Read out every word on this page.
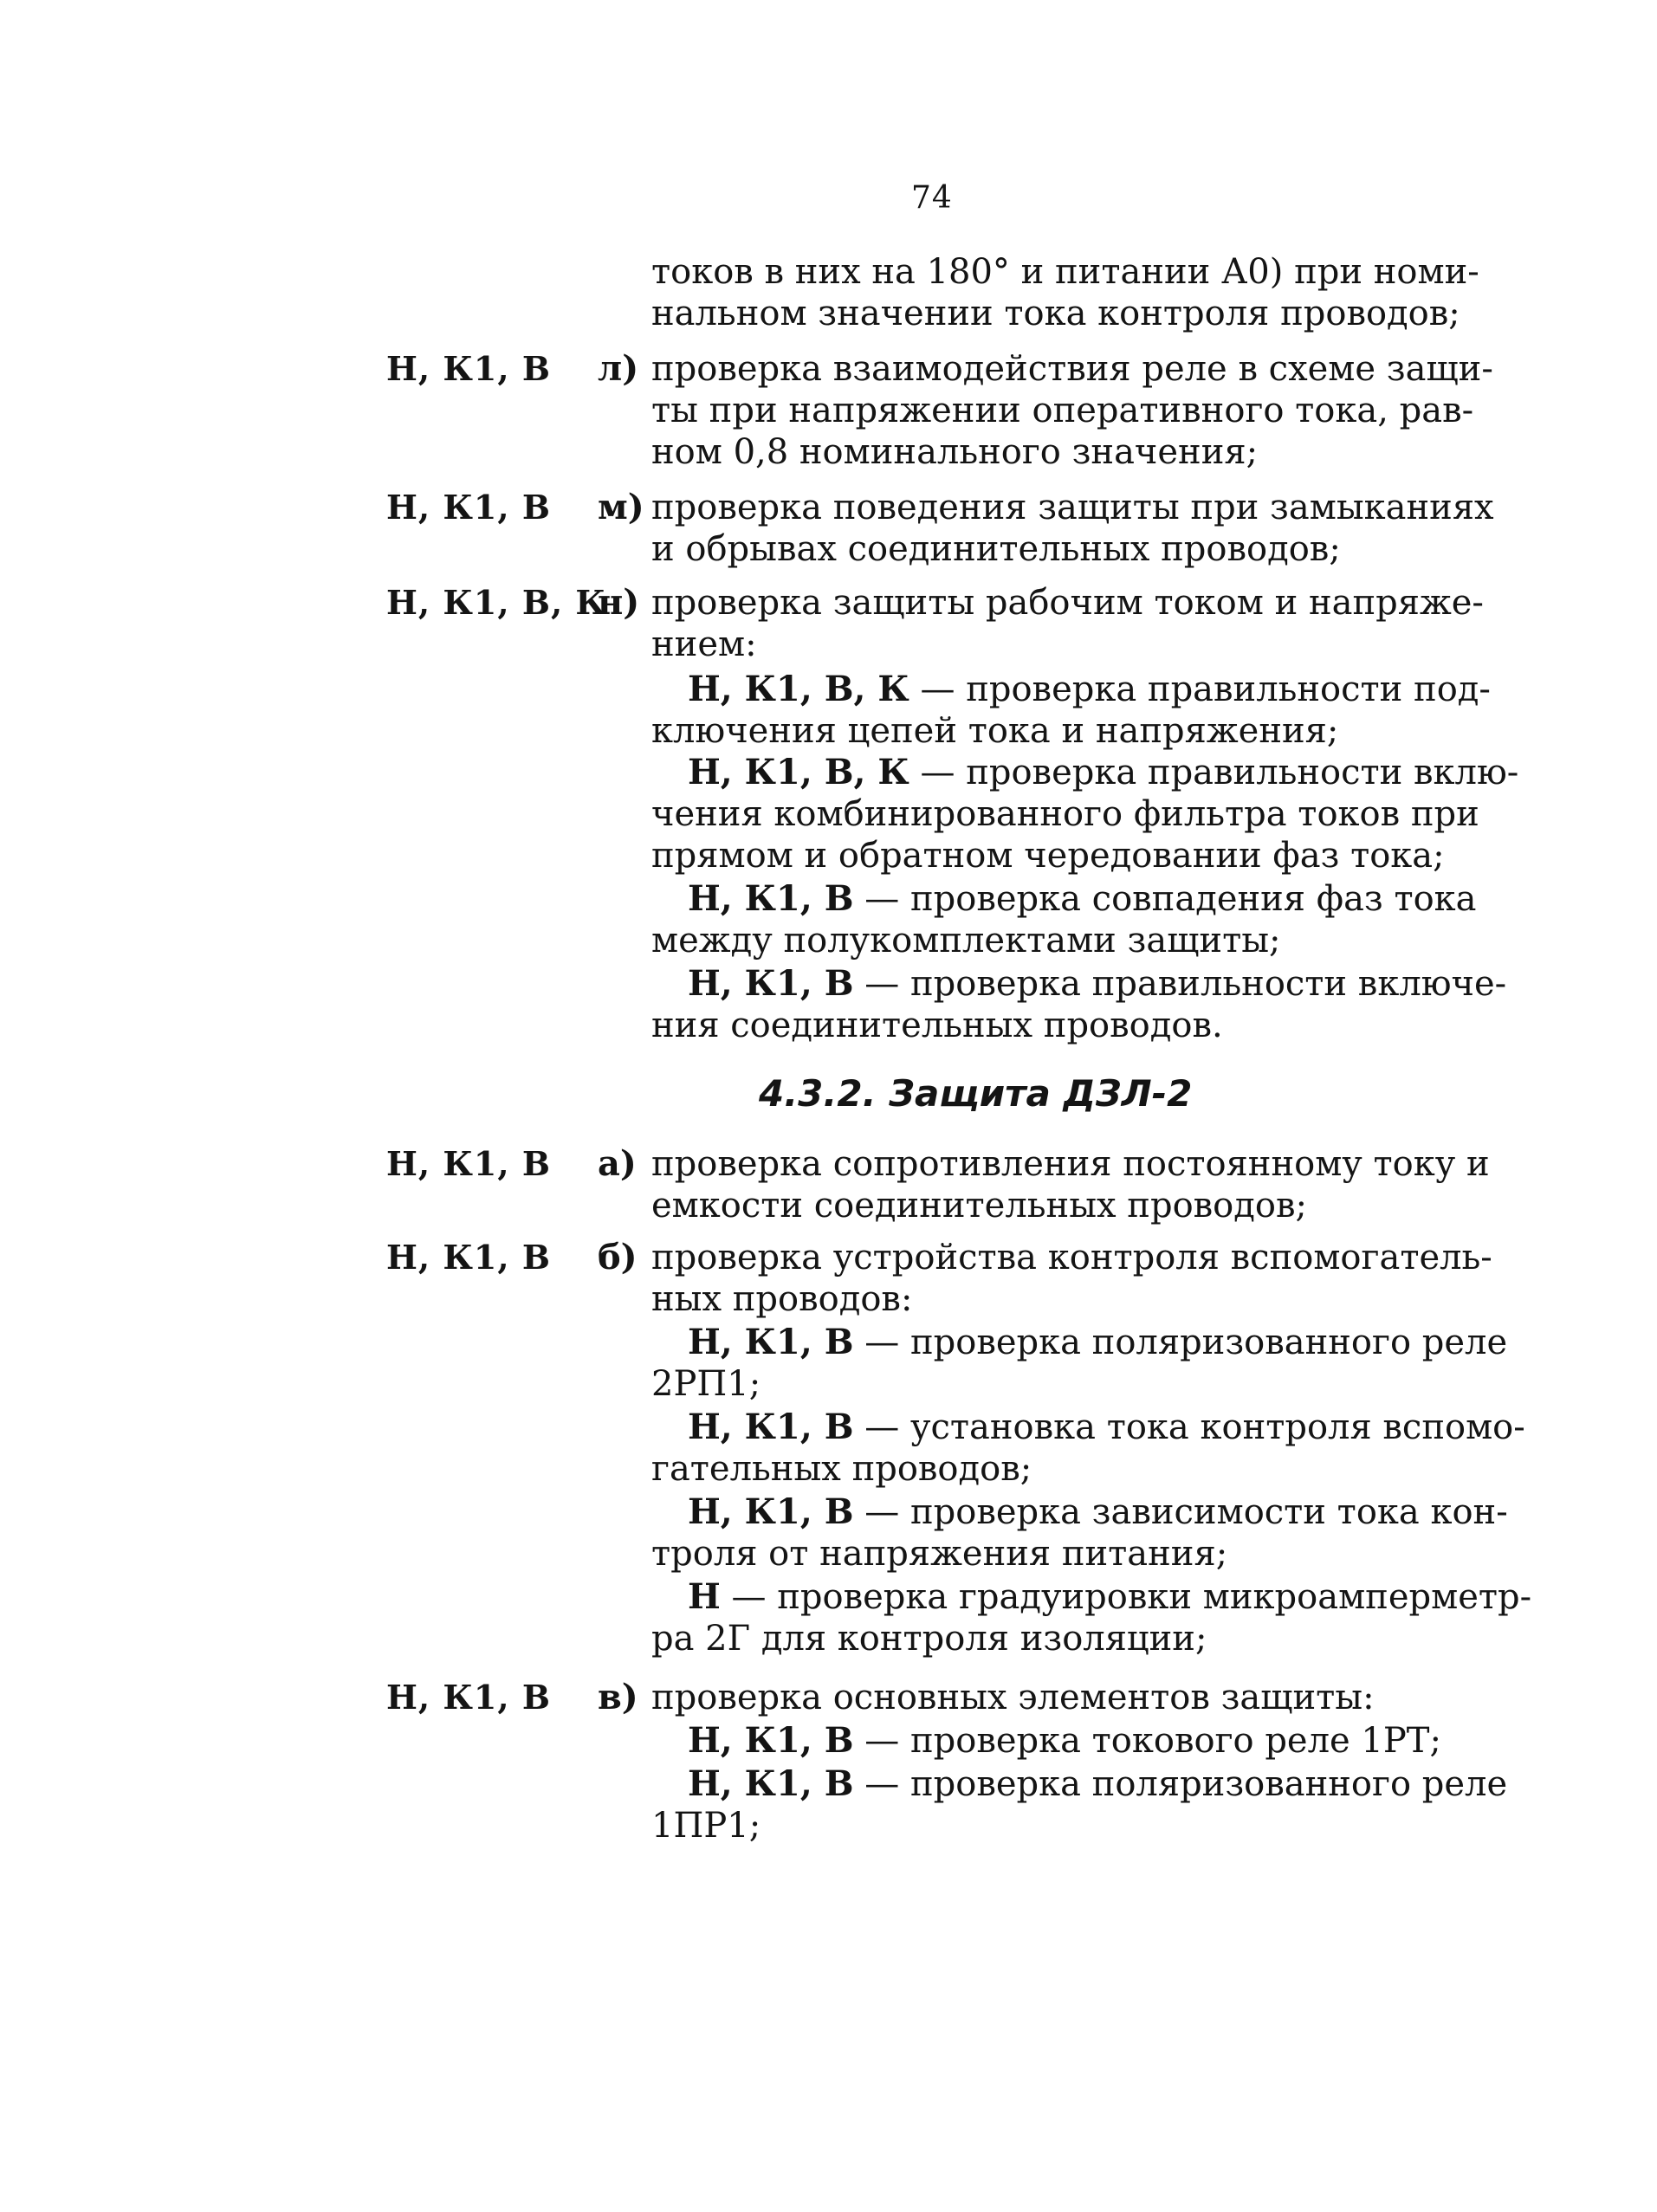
74
токов в них на 180° и питании А0) при номи-
нальном значении тока контроля проводов;
Н, К1, В л) проверка взаимодействия реле в схеме защи-
ты при напряжении оперативного тока, рав-
ном 0,8 номинального значения;
Н, К1, В м) проверка поведения защиты при замыканиях
и обрывах соединительных проводов;
Н, К1, В, К
н) проверка защиты рабочим током и напряже-
нием:
Н, К1, В, К — проверка правильности под-
ключения цепей тока и напряжения;
Н, К1, В, К — проверка правильности вклю-
чения комбинированного фильтра токов при
прямом и обратном чередовании фаз тока;
Н, К1, В — проверка совпадения фаз тока
между полукомплектами защиты;
Н, К1, В — проверка правильности включе-
ния соединительных проводов.
4.3.2. Защита ДЗЛ-2
Н, К1, В а) проверка сопротивления постоянному току и
емкости соединительных проводов;
Н, К1, В б) проверка устройства контроля вспомогатель-
ных проводов:
Н, К1, В — проверка поляризованного реле
2РП1;
Н, К1, В — установка тока контроля вспомо-
гательных проводов;
Н, К1, В — проверка зависимости тока кон-
троля от напряжения питания;
Н — проверка градуировки микроамперметр-
ра 2Г для контроля изоляции;
Н, К1, В в) проверка основных элементов защиты:
Н, К1, В — проверка токового реле 1РТ;
Н, К1, В — проверка поляризованного реле
1ПР1;
